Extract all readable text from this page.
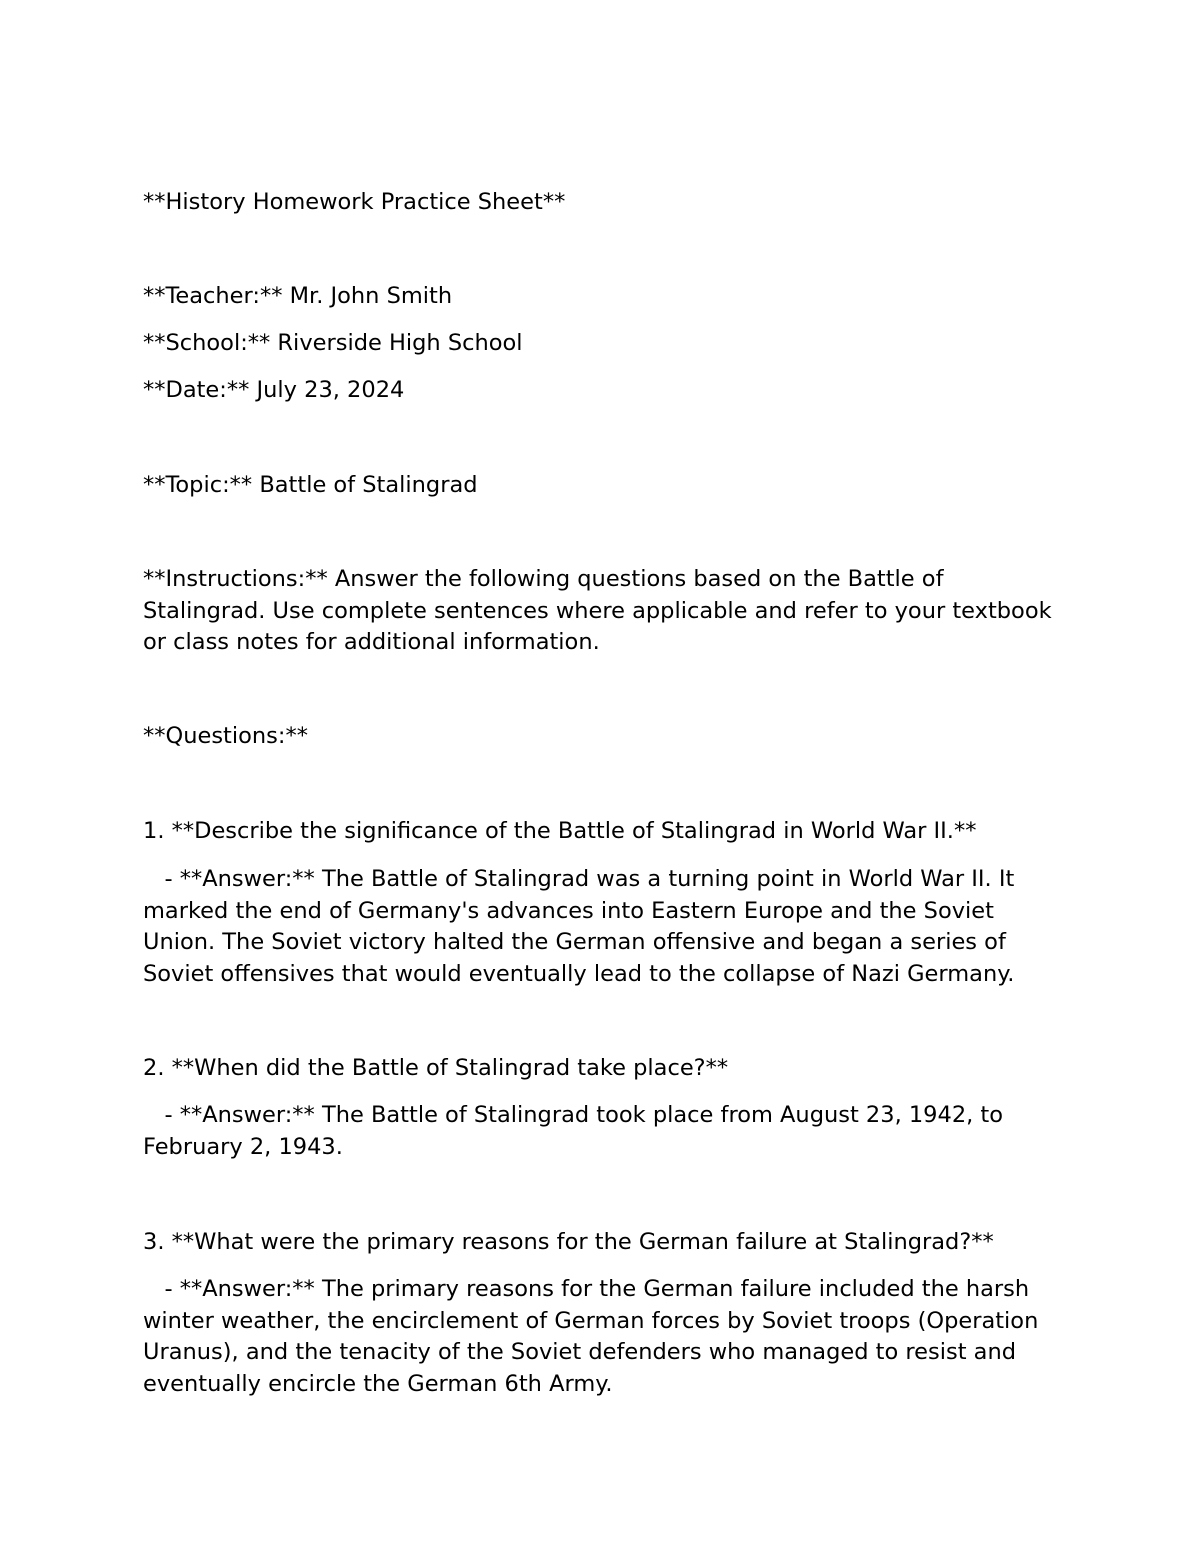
**History Homework Practice Sheet**

**Teacher:** Mr. John Smith

**School:** Riverside High School

**Date:** July 23, 2024

**Topic:** Battle of Stalingrad

**Instructions:** Answer the following questions based on the Battle of Stalingrad. Use complete sentences where applicable and refer to your textbook or class notes for additional information.

**Questions:**

1. **Describe the significance of the Battle of Stalingrad in World War II.**

- **Answer:** The Battle of Stalingrad was a turning point in World War II. It marked the end of Germany's advances into Eastern Europe and the Soviet Union. The Soviet victory halted the German offensive and began a series of Soviet offensives that would eventually lead to the collapse of Nazi Germany.

2. **When did the Battle of Stalingrad take place?**

- **Answer:** The Battle of Stalingrad took place from August 23, 1942, to February 2, 1943.

3. **What were the primary reasons for the German failure at Stalingrad?**

- **Answer:** The primary reasons for the German failure included the harsh winter weather, the encirclement of German forces by Soviet troops (Operation Uranus), and the tenacity of the Soviet defenders who managed to resist and eventually encircle the German 6th Army.
